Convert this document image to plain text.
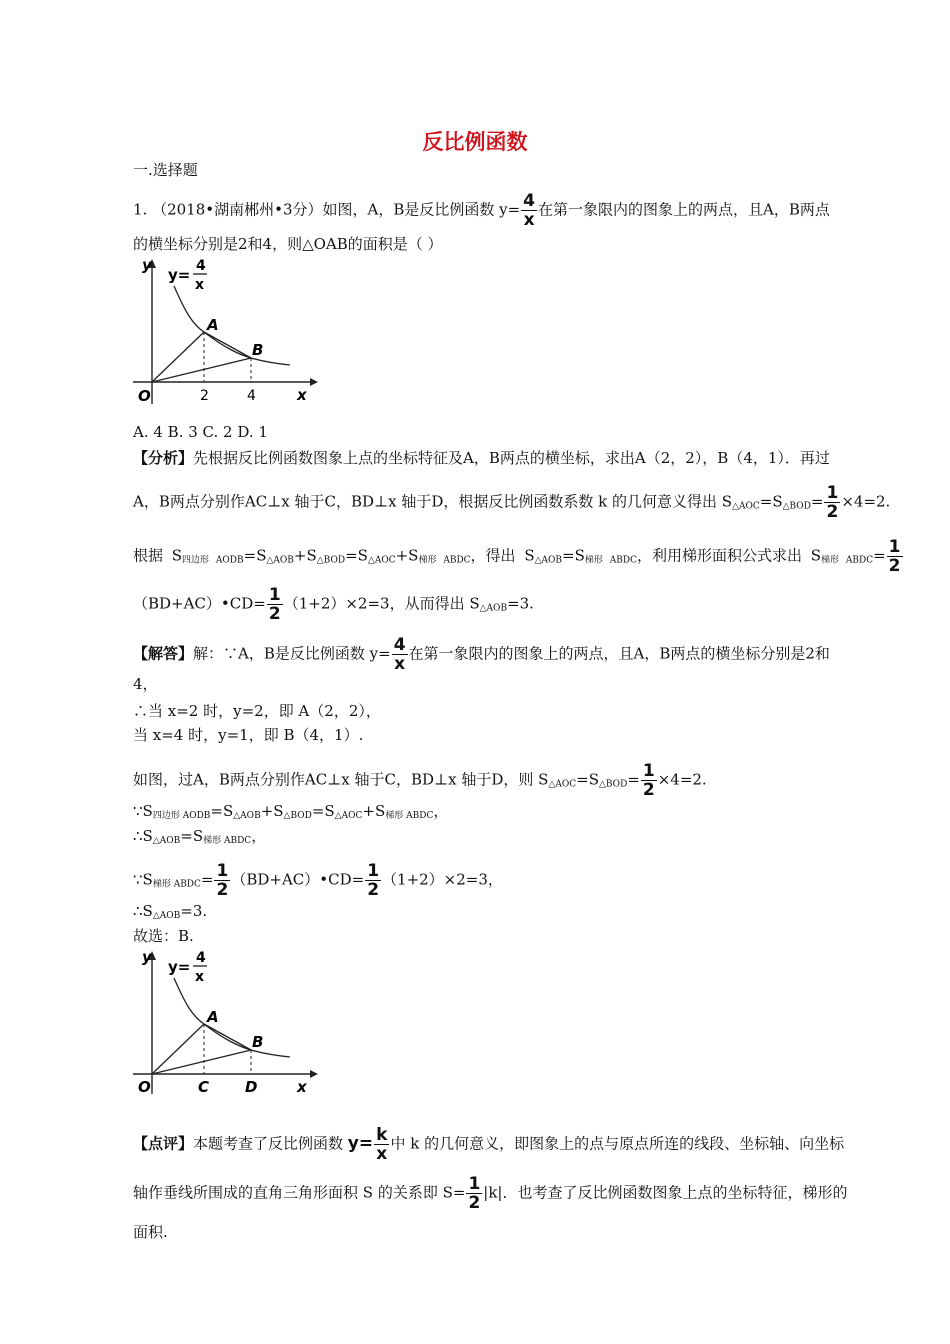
反比例函数
一.选择题
1. （2018•湖南郴州•3分）如图，A，B是反比例函数 $y= \frac{4}{x}$ 在第一象限内的图象上的两点，且A，B两点
的横坐标分别是2和4，则△OAB的面积是（ ）
y
y= 4
x
A
B
O	2	4	x
A. 4 B. 3 C. 2 D. 1
【分析】先根据反比例函数图象上点的坐标特征及A，B两点的横坐标，求出A（2，2），B（4，1）．再过
A，B两点分别作AC⊥x 轴于C，BD⊥x 轴于D，根据反比例函数系数 k 的几何意义得出 $S_{\triangle AOC}=S_{\triangle BOD}= \frac{1}{2} \times 4=2$.
根据 $S_{四边形 AODB}=S_{\triangle AOB}+S_{\triangle BOD}=S_{\triangle AOC}+S_{梯形 ABDC}$，得出 $S_{\triangle AOB}=S_{梯形 ABDC}$，利用梯形面积公式求出 $S_{梯形 ABDC}= \frac{1}{2}$
（BD+AC）•CD= $\frac{1}{2} (1+2)\times 2=3$，从而得出 $S_{\triangle AOB}=3$.
【解答】解：∵A，B是反比例函数 $y= \frac{4}{x}$ 在第一象限内的图象上的两点，且A，B两点的横坐标分别是2和
4，
∴当 x=2 时，y=2，即 A（2，2），
当 x=4 时，y=1，即 B（4，1）.
如图，过A，B两点分别作AC⊥x 轴于C，BD⊥x 轴于D，则 $S_{\triangle AOC}=S_{\triangle BOD}= \frac{1}{2} \times 4=2$.
$\because S_{四边形 AODB}=S_{\triangle AOB}+S_{\triangle BOD}=S_{\triangle AOC}+S_{梯形 ABDC}$，
$\therefore S_{\triangle AOB}=S_{梯形 ABDC}$，
$\because S_{梯形 ABDC}= \frac{1}{2}$ （BD+AC）•CD= $\frac{1}{2} (1+2)\times 2=3$，
$\therefore S_{\triangle AOB}=3$.
故选：B.
y
y= 4
x
A
B
O	C D	x
【点评】本题考查了反比例函数 $y= \frac{k}{x}$ 中 k 的几何意义，即图象上的点与原点所连的线段、坐标轴、向坐标
轴作垂线所围成的直角三角形面积 S 的关系即 $S= \frac{1}{2} |k|$．也考查了反比例函数图象上点的坐标特征，梯形的
面积.
